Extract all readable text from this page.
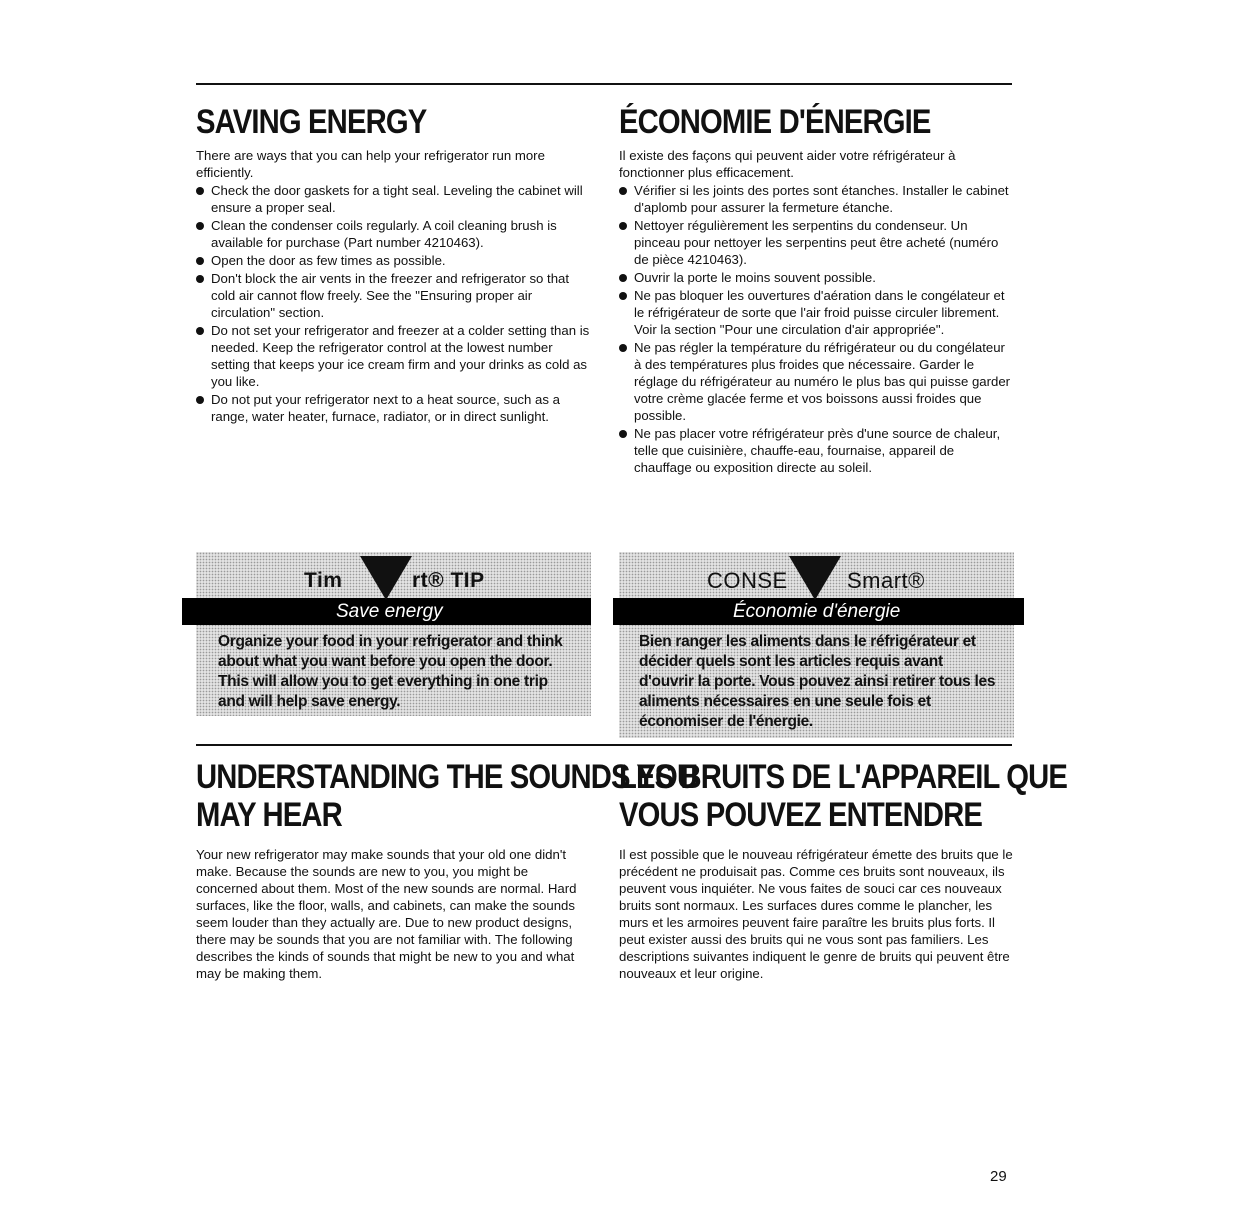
SAVING ENERGY

There are ways that you can help your refrigerator run more efficiently.

Check the door gaskets for a tight seal. Leveling the cabinet will ensure a proper seal.
Clean the condenser coils regularly. A coil cleaning brush is available for purchase (Part number 4210463).
Open the door as few times as possible.
Don't block the air vents in the freezer and refrigerator so that cold air cannot flow freely. See the "Ensuring proper air circulation" section.
Do not set your refrigerator and freezer at a colder setting than is needed. Keep the refrigerator control at the lowest number setting that keeps your ice cream firm and your drinks as cold as you like.
Do not put your refrigerator next to a heat source, such as a range, water heater, furnace, radiator, or in direct sunlight.
ÉCONOMIE D'ÉNERGIE

Il existe des façons qui peuvent aider votre réfrigérateur à fonctionner plus efficacement.

Vérifier si les joints des portes sont étanches. Installer le cabinet d'aplomb pour assurer la fermeture étanche.
Nettoyer régulièrement les serpentins du condenseur. Un pinceau pour nettoyer les serpentins peut être acheté (numéro de pièce 4210463).
Ouvrir la porte le moins souvent possible.
Ne pas bloquer les ouvertures d'aération dans le congélateur et le réfrigérateur de sorte que l'air froid puisse circuler librement. Voir la section "Pour une circulation d'air appropriée".
Ne pas régler la température du réfrigérateur ou du congélateur à des températures plus froides que nécessaire. Garder le réglage du réfrigérateur au numéro le plus bas qui puisse garder votre crème glacée ferme et vos boissons aussi froides que possible.
Ne pas placer votre réfrigérateur près d'une source de chaleur, telle que cuisinière, chauffe-eau, fournaise, appareil de chauffage ou exposition directe au soleil.
Tim	rt® TIP
Save energy
Organize your food in your refrigerator and think about what you want before you open the door. This will allow you to get everything in one trip and will help save energy.
CONSE	Smart®
Économie d'énergie
Bien ranger les aliments dans le réfrigérateur et décider quels sont les articles requis avant d'ouvrir la porte. Vous pouvez ainsi retirer tous les aliments nécessaires en une seule fois et économiser de l'énergie.
UNDERSTANDING THE SOUNDS YOU
MAY HEAR

Your new refrigerator may make sounds that your old one didn't make. Because the sounds are new to you, you might be concerned about them. Most of the new sounds are normal. Hard surfaces, like the floor, walls, and cabinets, can make the sounds seem louder than they actually are. Due to new product designs, there may be sounds that you are not familiar with. The following describes the kinds of sounds that might be new to you and what may be making them.

LES BRUITS DE L'APPAREIL QUE
VOUS POUVEZ ENTENDRE

Il est possible que le nouveau réfrigérateur émette des bruits que le précédent ne produisait pas. Comme ces bruits sont nouveaux, ils peuvent vous inquiéter. Ne vous faites de souci car ces nouveaux bruits sont normaux. Les surfaces dures comme le plancher, les murs et les armoires peuvent faire paraître les bruits plus forts. Il peut exister aussi des bruits qui ne vous sont pas familiers. Les descriptions suivantes indiquent le genre de bruits qui peuvent être nouveaux et leur origine.

29
